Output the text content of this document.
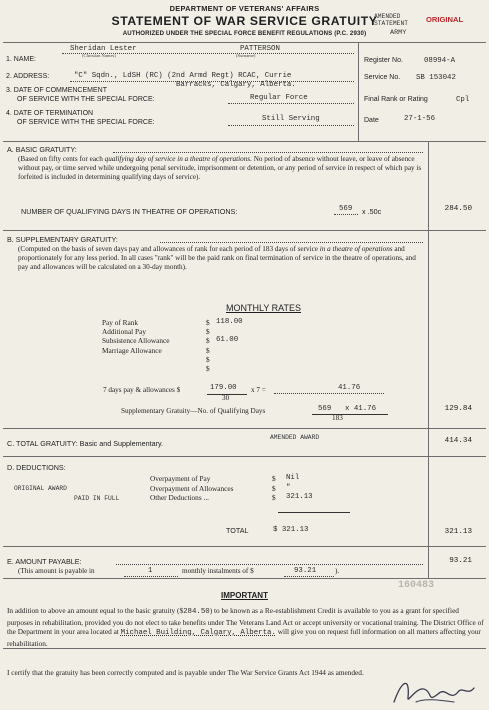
DEPARTMENT OF VETERANS' AFFAIRS
STATEMENT OF WAR SERVICE GRATUITY
AUTHORIZED UNDER THE SPECIAL FORCE BENEFIT REGULATIONS (P.C. 2930)
AMENDED
STATEMENT
ARMY
ORIGINAL
(Christian Names)	(Surname)
1. NAME:
Sheridan Lester	PATTERSON
2. ADDRESS:	"C" Sqdn., LdSH (RC) (2nd Armd Regt) RCAC, Currie
Barracks, Calgary, Alberta.
3. DATE OF COMMENCEMENT
OF SERVICE WITH THE SPECIAL FORCE:	Regular Force
4. DATE OF TERMINATION
OF SERVICE WITH THE SPECIAL FORCE:	Still Serving
Register No.	08994-A
Service No. SB 153042
Final Rank or Rating	Cpl
Date	27-1-56
A. BASIC GRATUITY:
(Based on fifty cents for each qualifying day of service in a theatre of operations. No period of absence without leave, or leave of absence without pay, or time served while undergoing penal servitude, imprisonment or detention, or any period of service in respect of which pay is forfeited is included in determining qualifying days of service).
NUMBER OF QUALIFYING DAYS IN THEATRE OF OPERATIONS:	569 x .50c	284.50
B. SUPPLEMENTARY GRATUITY:
(Computed on the basis of seven days pay and allowances of rank for each period of 183 days of service in a theatre of operations and proportionately for any less period. In all cases "rank" will be the paid rank on final termination of service in the theatre of operations, and pay and allowances will be calculated on a 30-day month).
MONTHLY RATES
Pay of Rank	$ 118.00
Additional Pay	$
Subsistence Allowance	$ 61.00
Marriage Allowance	$
$
$
7 days pay & allowances $	179.00
30
x 7 =	41.76
Supplementary Gratuity—No. of Qualifying Days	569 x 41.76
183
129.84
C. TOTAL GRATUITY: Basic and Supplementary.
AMENDED AWARD	414.34
D. DEDUCTIONS:
ORIGINAL AWARD
PAID IN FULL
Overpayment of Pay	$ Nil
Overpayment of Allowances	$ "
Other Deductions ...	$ 321.13
TOTAL	$ 321.13	321.13
E. AMOUNT PAYABLE:
(This amount is payable in	1	monthly instalments of $	93.21	).
93.21
160483
IMPORTANT
In addition to above an amount equal to the basic gratuity ($284.50) to be known as a Re-establishment Credit is available to you as a grant for specified purposes in rehabilitation, provided you do not elect to take benefits under The Veterans Land Act or accept university or vocational training. The District Office of the Department in your area located at Michael Building, Calgary, Alberta. will give you on request full information on all matters affecting your rehabilitation.
I certify that the gratuity has been correctly computed and is payable under The War Service Grants Act 1944 as amended.
